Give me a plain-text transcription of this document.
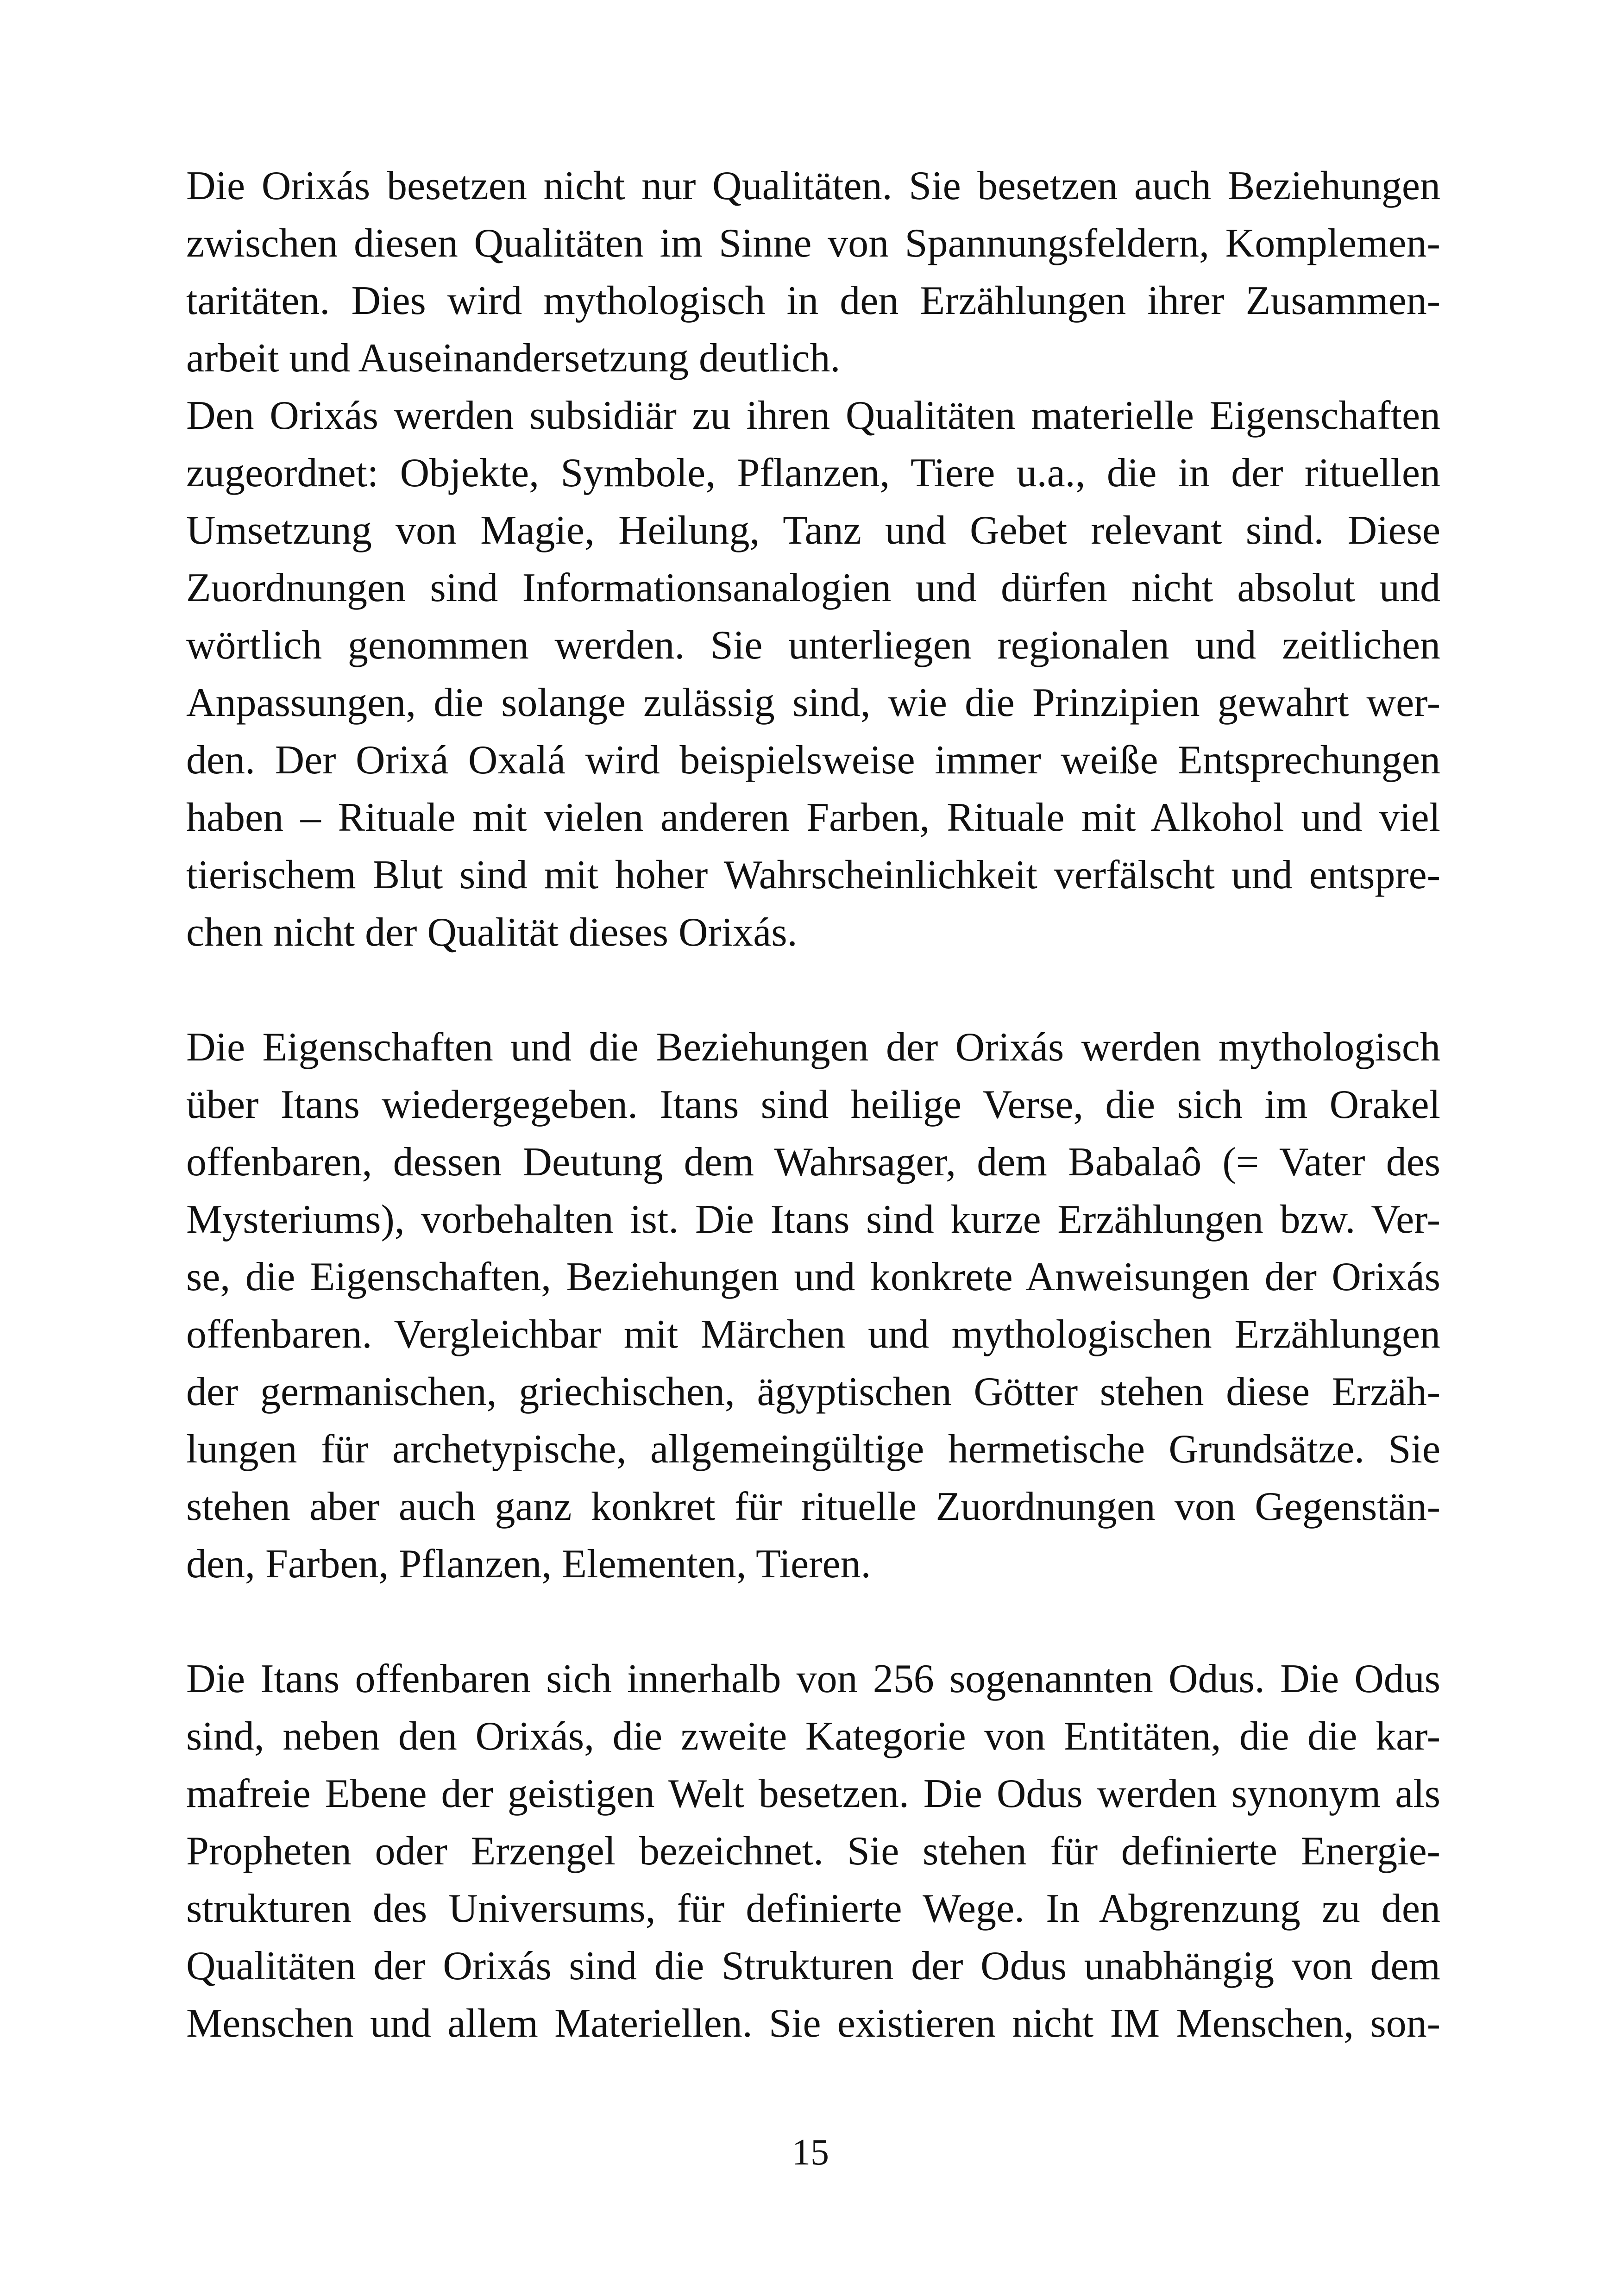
Die Orixás besetzen nicht nur Qualitäten. Sie besetzen auch Beziehungen
zwischen diesen Qualitäten im Sinne von Spannungsfeldern, Komplemen-
taritäten. Dies wird mythologisch in den Erzählungen ihrer Zusammen-
arbeit und Auseinandersetzung deutlich.
Den Orixás werden subsidiär zu ihren Qualitäten materielle Eigenschaften
zugeordnet: Objekte, Symbole, Pflanzen, Tiere u.a., die in der rituellen
Umsetzung von Magie, Heilung, Tanz und Gebet relevant sind. Diese
Zuordnungen sind Informationsanalogien und dürfen nicht absolut und
wörtlich genommen werden. Sie unterliegen regionalen und zeitlichen
Anpassungen, die solange zulässig sind, wie die Prinzipien gewahrt wer-
den. Der Orixá Oxalá wird beispielsweise immer weiße Entsprechungen
haben – Rituale mit vielen anderen Farben, Rituale mit Alkohol und viel
tierischem Blut sind mit hoher Wahrscheinlichkeit verfälscht und entspre-
chen nicht der Qualität dieses Orixás.
Die Eigenschaften und die Beziehungen der Orixás werden mythologisch
über Itans wiedergegeben. Itans sind heilige Verse, die sich im Orakel
offenbaren, dessen Deutung dem Wahrsager, dem Babalaô (= Vater des
Mysteriums), vorbehalten ist. Die Itans sind kurze Erzählungen bzw. Ver-
se, die Eigenschaften, Beziehungen und konkrete Anweisungen der Orixás
offenbaren. Vergleichbar mit Märchen und mythologischen Erzählungen
der germanischen, griechischen, ägyptischen Götter stehen diese Erzäh-
lungen für archetypische, allgemeingültige hermetische Grundsätze. Sie
stehen aber auch ganz konkret für rituelle Zuordnungen von Gegenstän-
den, Farben, Pflanzen, Elementen, Tieren.
Die Itans offenbaren sich innerhalb von 256 sogenannten Odus. Die Odus
sind, neben den Orixás, die zweite Kategorie von Entitäten, die die kar-
mafreie Ebene der geistigen Welt besetzen. Die Odus werden synonym als
Propheten oder Erzengel bezeichnet. Sie stehen für definierte Energie-
strukturen des Universums, für definierte Wege. In Abgrenzung zu den
Qualitäten der Orixás sind die Strukturen der Odus unabhängig von dem
Menschen und allem Materiellen. Sie existieren nicht IM Menschen, son-
15
